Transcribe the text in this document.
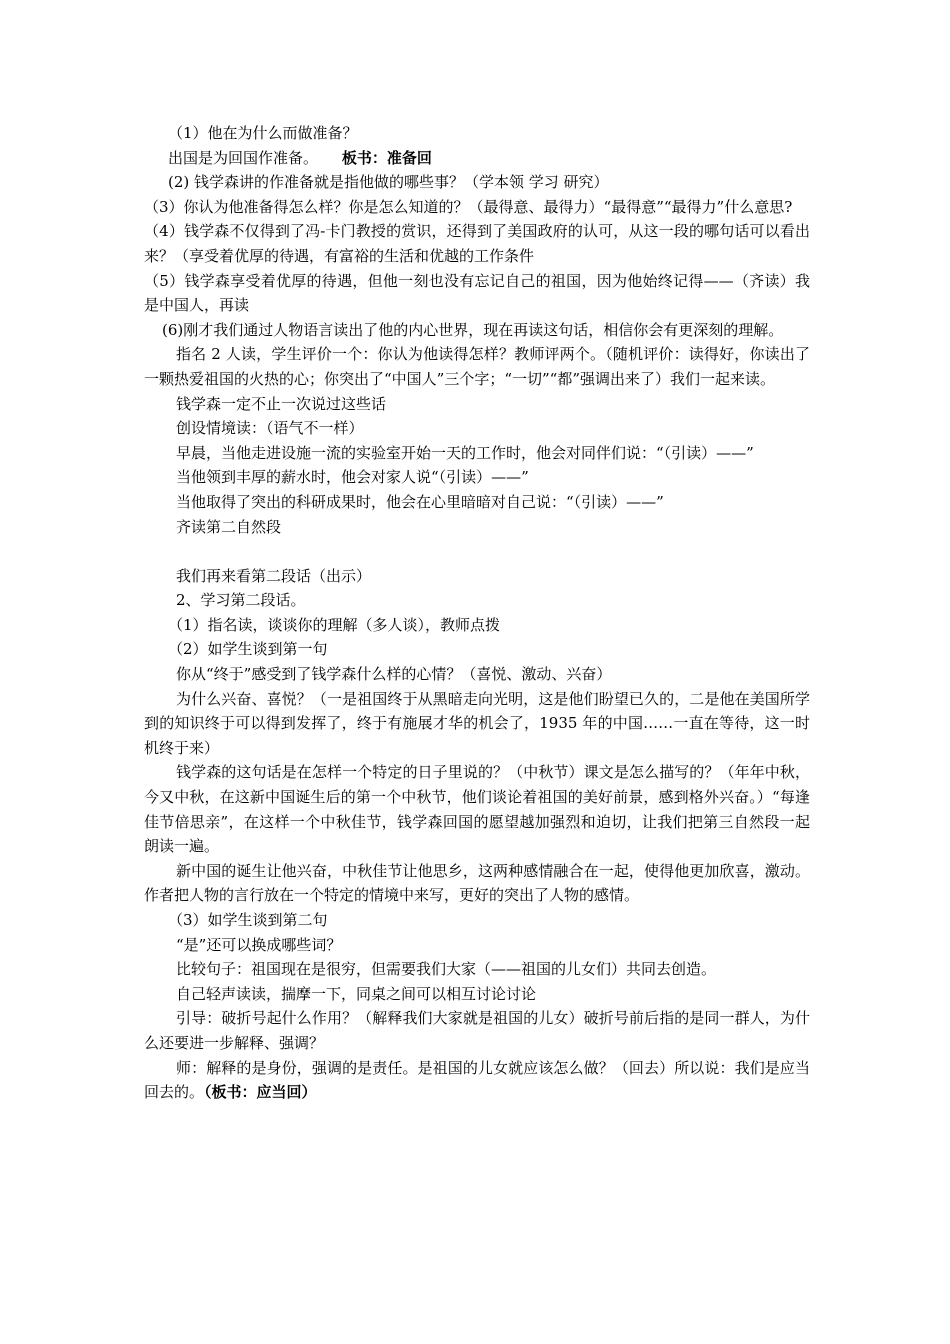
（1）他在为什么而做准备？

出国是为回国作准备。 板书：准备回

(2) 钱学森讲的作准备就是指他做的哪些事？（学本领 学习 研究）

（3）你认为他准备得怎么样？你是怎么知道的？（最得意、最得力）“最得意”“最得力”什么意思?

（4）钱学森不仅得到了冯-卡门教授的赏识，还得到了美国政府的认可，从这一段的哪句话可以看出来？（享受着优厚的待遇，有富裕的生活和优越的工作条件

（5）钱学森享受着优厚的待遇，但他一刻也没有忘记自己的祖国，因为他始终记得——（齐读）我是中国人，再读

(6)刚才我们通过人物语言读出了他的内心世界，现在再读这句话，相信你会有更深刻的理解。

指名 2 人读，学生评价一个：你认为他读得怎样？教师评两个。（随机评价：读得好，你读出了一颗热爱祖国的火热的心；你突出了“中国人”三个字；“一切”“都”强调出来了）我们一起来读。

钱学森一定不止一次说过这些话

创设情境读：（语气不一样）

早晨，当他走进设施一流的实验室开始一天的工作时，他会对同伴们说：“（引读）——”

当他领到丰厚的薪水时，他会对家人说“（引读）——”

当他取得了突出的科研成果时，他会在心里暗暗对自己说：“（引读）——”

齐读第二自然段

我们再来看第二段话（出示）

2、学习第二段话。

（1）指名读，谈谈你的理解（多人谈），教师点拨

（2）如学生谈到第一句

你从“终于”感受到了钱学森什么样的心情？（喜悦、激动、兴奋）

为什么兴奋、喜悦？（一是祖国终于从黑暗走向光明，这是他们盼望已久的，二是他在美国所学到的知识终于可以得到发挥了，终于有施展才华的机会了，1935 年的中国……一直在等待，这一时机终于来）

钱学森的这句话是在怎样一个特定的日子里说的？（中秋节）课文是怎么描写的？（年年中秋，今又中秋，在这新中国诞生后的第一个中秋节，他们谈论着祖国的美好前景，感到格外兴奋。）“每逢佳节倍思亲”，在这样一个中秋佳节，钱学森回国的愿望越加强烈和迫切，让我们把第三自然段一起朗读一遍。

新中国的诞生让他兴奋，中秋佳节让他思乡，这两种感情融合在一起，使得他更加欣喜，激动。作者把人物的言行放在一个特定的情境中来写，更好的突出了人物的感情。

（3）如学生谈到第二句

“是”还可以换成哪些词？

比较句子：祖国现在是很穷，但需要我们大家（——祖国的儿女们）共同去创造。

自己轻声读读，揣摩一下，同桌之间可以相互讨论讨论

引导：破折号起什么作用？（解释我们大家就是祖国的儿女）破折号前后指的是同一群人，为什么还要进一步解释、强调？

师：解释的是身份，强调的是责任。是祖国的儿女就应该怎么做？（回去）所以说：我们是应当回去的。（板书：应当回）
